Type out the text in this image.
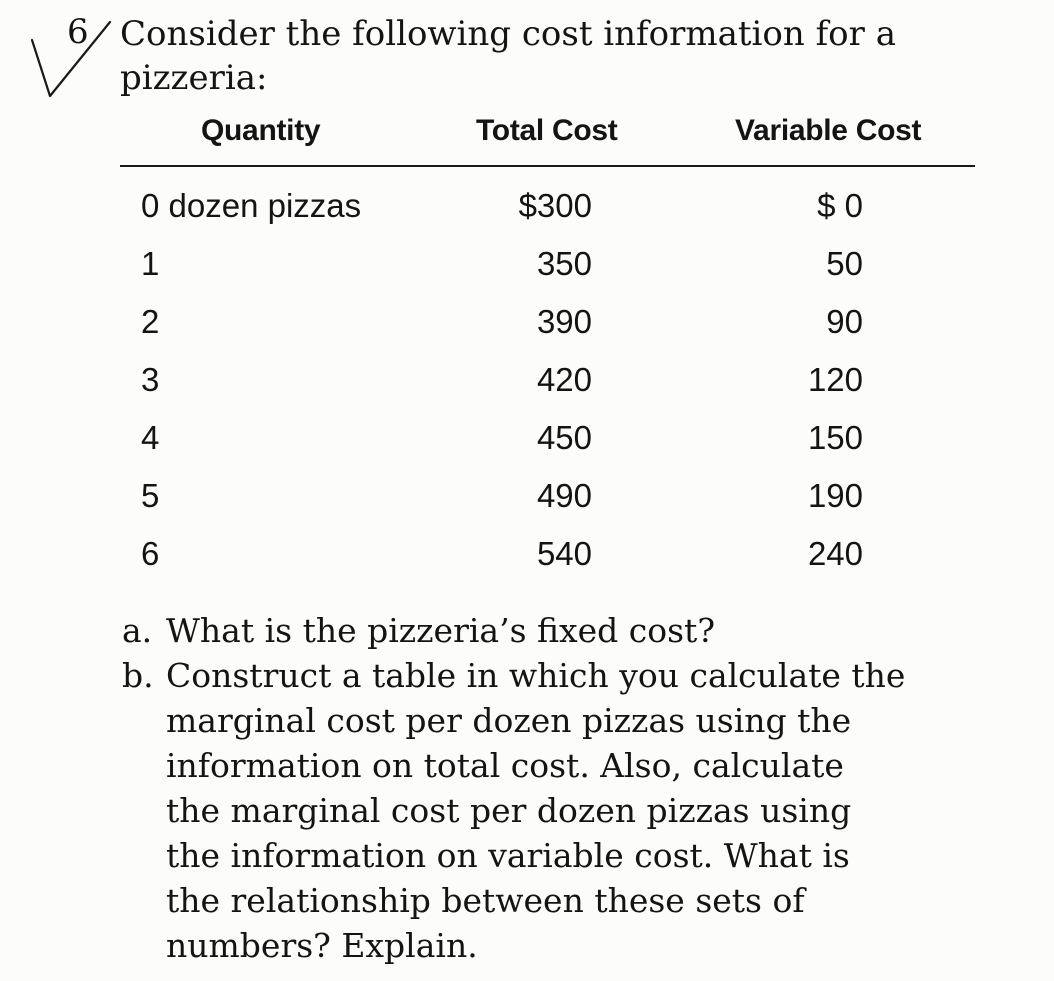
6 Consider the following cost information for a pizzeria:
Quantity	Total Cost	Variable Cost
0 dozen pizzas	$300	$ 0
1	350	50
2	390	90
3	420	120
4	450	150
5	490	190
6	540	240
a. What is the pizzeria’s fixed cost?
b. Construct a table in which you calculate the marginal cost per dozen pizzas using the information on total cost. Also, calculate the marginal cost per dozen pizzas using the information on variable cost. What is the relationship between these sets of numbers? Explain.
